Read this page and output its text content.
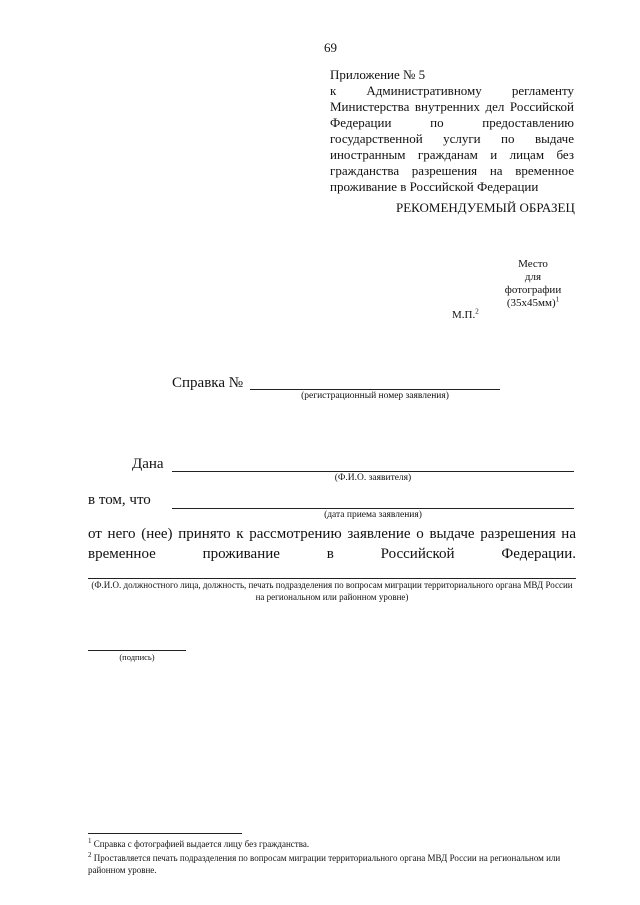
69
Приложение № 5
к Административному регламенту
Министерства внутренних дел Российской
Федерации по предоставлению
государственной услуги по выдаче
иностранным гражданам и лицам без
гражданства разрешения на временное
проживание в Российской Федерации
РЕКОМЕНДУЕМЫЙ ОБРАЗЕЦ
Место
для
фотографии
$(35x45мм)^1$
М.П.$^2$
Справка №
(регистрационный номер заявления)
Дана
(Ф.И.О. заявителя)
в том, что
(дата приема заявления)
от него (нее) принято к рассмотрению заявление о выдаче разрешения на временное проживание в Российской Федерации.
(Ф.И.О. должностного лица, должность, печать подразделения по вопросам миграции территориального органа МВД России на региональном или районном уровне)
(подпись)
$^1$ Справка с фотографией выдается лицу без гражданства.
$^2$ Проставляется печать подразделения по вопросам миграции территориального органа МВД России на региональном или районном уровне.
